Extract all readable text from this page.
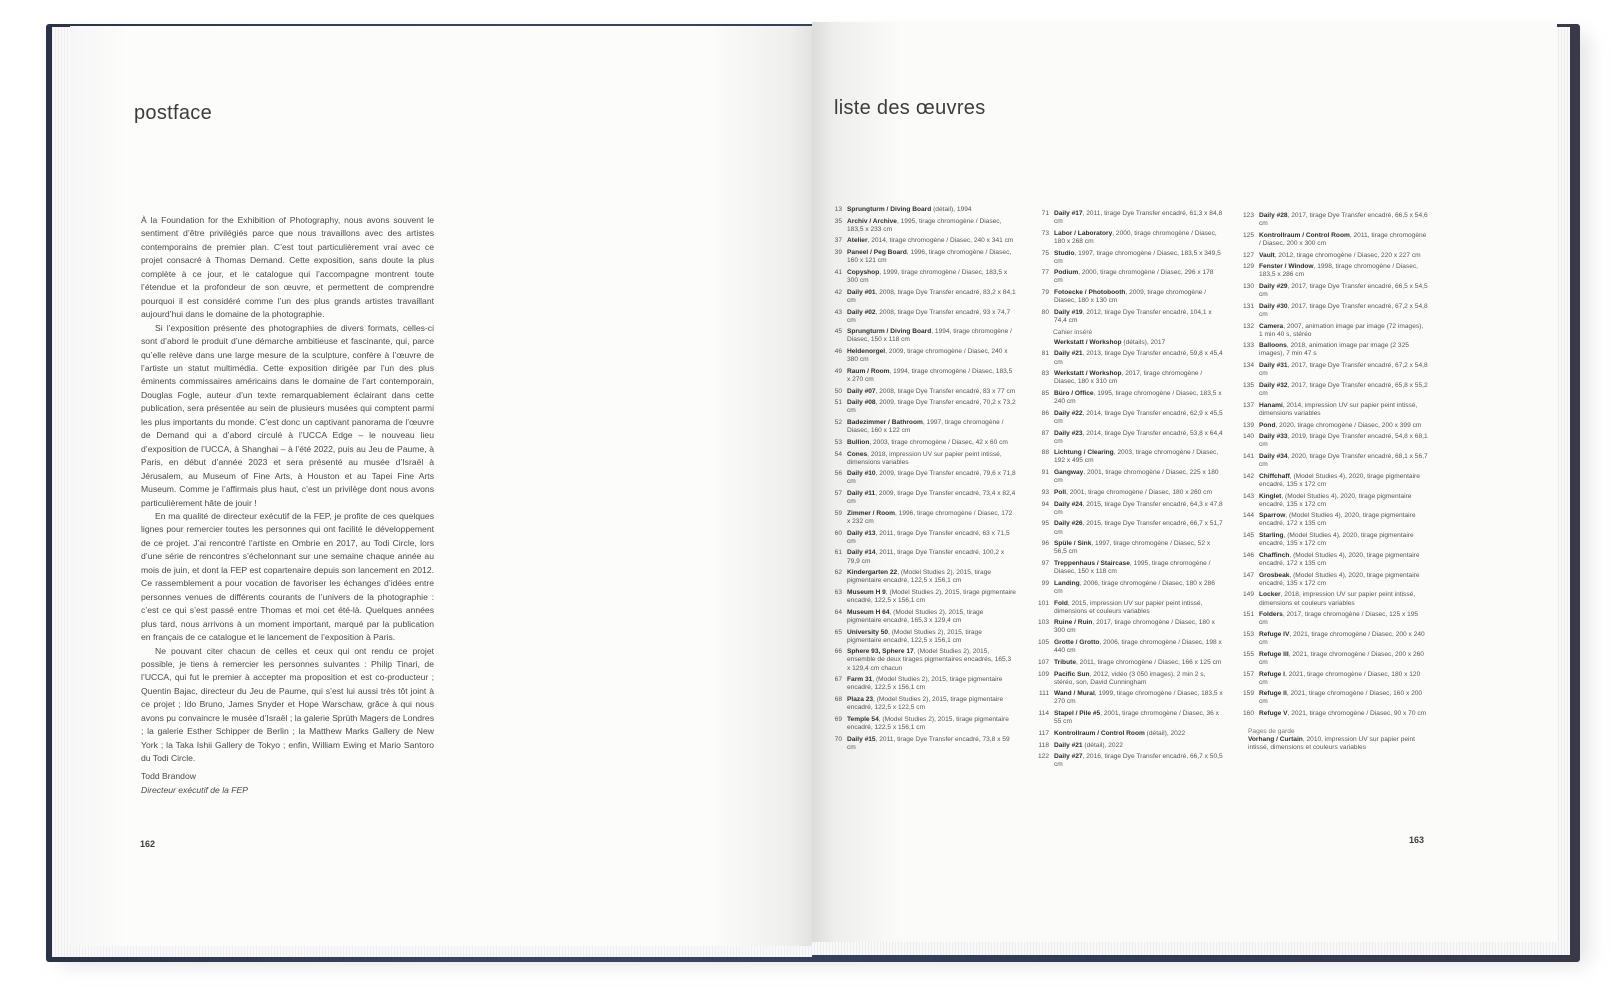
postface

À la Foundation for the Exhibition of Photography, nous avons souvent le sentiment d’être privilégiés parce que nous travaillons avec des artistes contemporains de premier plan. C’est tout particulièrement vrai avec ce projet consacré à Thomas Demand. Cette exposition, sans doute la plus complète à ce jour, et le catalogue qui l’accompagne montrent toute l’étendue et la profondeur de son œuvre, et permettent de comprendre pourquoi il est considéré comme l’un des plus grands artistes travaillant aujourd’hui dans le domaine de la photographie.

Si l’exposition présente des photographies de divers formats, celles-ci sont d’abord le produit d’une démarche ambitieuse et fascinante, qui, parce qu’elle relève dans une large mesure de la sculpture, confère à l’œuvre de l’artiste un statut multimédia. Cette exposition dirigée par l’un des plus éminents commissaires américains dans le domaine de l’art contemporain, Douglas Fogle, auteur d’un texte remarquablement éclairant dans cette publication, sera présentée au sein de plusieurs musées qui comptent parmi les plus importants du monde. C’est donc un captivant panorama de l’œuvre de Demand qui a d’abord circulé à l’UCCA Edge – le nouveau lieu d’exposition de l’UCCA, à Shanghai – à l’été 2022, puis au Jeu de Paume, à Paris, en début d’année 2023 et sera présenté au musée d’Israël à Jérusalem, au Museum of Fine Arts, à Houston et au Tapei Fine Arts Museum. Comme je l’affirmais plus haut, c’est un privilège dont nous avons particulièrement hâte de jouir !

En ma qualité de directeur exécutif de la FEP, je profite de ces quelques lignes pour remercier toutes les personnes qui ont facilité le développement de ce projet. J’ai rencontré l’artiste en Ombrie en 2017, au Todi Circle, lors d’une série de rencontres s’échelonnant sur une semaine chaque année au mois de juin, et dont la FEP est copartenaire depuis son lancement en 2012. Ce rassemblement a pour vocation de favoriser les échanges d’idées entre personnes venues de différents courants de l’univers de la photographie : c’est ce qui s’est passé entre Thomas et moi cet été-là. Quelques années plus tard, nous arrivons à un moment important, marqué par la publication en français de ce catalogue et le lancement de l’exposition à Paris.

Ne pouvant citer chacun de celles et ceux qui ont rendu ce projet possible, je tiens à remercier les personnes suivantes : Philip Tinari, de l’UCCA, qui fut le premier à accepter ma proposition et est co-producteur ; Quentin Bajac, directeur du Jeu de Paume, qui s’est lui aussi très tôt joint à ce projet ; Ido Bruno, James Snyder et Hope Warschaw, grâce à qui nous avons pu convaincre le musée d’Israël ; la galerie Sprüth Magers de Londres ; la galerie Esther Schipper de Berlin ; la Matthew Marks Gallery de New York ; la Taka Ishii Gallery de Tokyo ; enfin, William Ewing et Mario Santoro du Todi Circle.

Todd Brandow
Directeur exécutif de la FEP
162
liste des œuvres
13 Sprungturm / Diving Board (détail), 1994
35 Archiv / Archive, 1995, tirage chromogène / Diasec, 183,5 x 233 cm
37 Atelier, 2014, tirage chromogène / Diasec, 240 x 341 cm
39 Paneel / Peg Board, 1996, tirage chromogène / Diasec, 160 x 121 cm
41 Copyshop, 1999, tirage chromogène / Diasec, 183,5 x 300 cm
42 Daily #01, 2008, tirage Dye Transfer encadré, 83,2 x 84,1 cm
43 Daily #02, 2008, tirage Dye Transfer encadré, 93 x 74,7 cm
45 Sprungturm / Diving Board, 1994, tirage chromogène / Diasec, 150 x 118 cm
46 Heldenorgel, 2009, tirage chromogène / Diasec, 240 x 380 cm
49 Raum / Room, 1994, tirage chromogène / Diasec, 183,5 x 270 cm
50 Daily #07, 2008, tirage Dye Transfer encadré, 83 x 77 cm
51 Daily #08, 2009, tirage Dye Transfer encadré, 70,2 x 73,2 cm
52 Badezimmer / Bathroom, 1997, tirage chromogène / Diasec, 160 x 122 cm
53 Bullion, 2003, tirage chromogène / Diasec, 42 x 60 cm
54 Cones, 2018, impression UV sur papier peint intissé, dimensions variables
56 Daily #10, 2009, tirage Dye Transfer encadré, 79,6 x 71,8 cm
57 Daily #11, 2009, tirage Dye Transfer encadré, 73,4 x 82,4 cm
59 Zimmer / Room, 1996, tirage chromogène / Diasec, 172 x 232 cm
60 Daily #13, 2011, tirage Dye Transfer encadré, 63 x 71,5 cm
61 Daily #14, 2011, tirage Dye Transfer encadré, 100,2 x 79,9 cm
62 Kindergarten 22, (Model Studies 2), 2015, tirage pigmentaire encadré, 122,5 x 156,1 cm
63 Museum H 9, (Model Studies 2), 2015, tirage pigmentaire encadré, 122,5 x 156,1 cm
64 Museum H 64, (Model Studies 2), 2015, tirage pigmentaire encadré, 165,3 x 129,4 cm
65 University 50, (Model Studies 2), 2015, tirage pigmentaire encadré, 122,5 x 156,1 cm
66 Sphere 93, Sphere 17, (Model Studies 2), 2015, ensemble de deux tirages pigmentaires encadrés, 165,3 x 129,4 cm chacun
67 Farm 31, (Model Studies 2), 2015, tirage pigmentaire encadré, 122,5 x 156,1 cm
68 Plaza 23, (Model Studies 2), 2015, tirage pigmentaire encadré, 122,5 x 122,5 cm
69 Temple 54, (Model Studies 2), 2015, tirage pigmentaire encadré, 122,5 x 156,1 cm
70 Daily #15, 2011, tirage Dye Transfer encadré, 73,8 x 59 cm
71 Daily #17, 2011, tirage Dye Transfer encadré, 61,3 x 84,8 cm
73 Labor / Laboratory, 2000, tirage chromogène / Diasec, 180 x 268 cm
75 Studio, 1997, tirage chromogène / Diasec, 183,5 x 349,5 cm
77 Podium, 2000, tirage chromogène / Diasec, 296 x 178 cm
79 Fotoecke / Photobooth, 2009, tirage chromogène / Diasec, 180 x 130 cm
80 Daily #19, 2012, tirage Dye Transfer encadré, 104,1 x 74,4 cm
Cahier inséré
Werkstatt / Workshop (détails), 2017
81 Daily #21, 2013, tirage Dye Transfer encadré, 59,8 x 45,4 cm
83 Werkstatt / Workshop, 2017, tirage chromogène / Diasec, 180 x 310 cm
85 Büro / Office, 1995, tirage chromogène / Diasec, 183,5 x 240 cm
86 Daily #22, 2014, tirage Dye Transfer encadré, 62,9 x 45,5 cm
87 Daily #23, 2014, tirage Dye Transfer encadré, 53,8 x 64,4 cm
88 Lichtung / Clearing, 2003, tirage chromogène / Diasec, 192 x 495 cm
91 Gangway, 2001, tirage chromogène / Diasec, 225 x 180 cm
93 Poll, 2001, tirage chromogène / Diasec, 180 x 260 cm
94 Daily #24, 2015, tirage Dye Transfer encadré, 64,3 x 47,8 cm
95 Daily #26, 2015, tirage Dye Transfer encadré, 66,7 x 51,7 cm
96 Spüle / Sink, 1997, tirage chromogène / Diasec, 52 x 56,5 cm
97 Treppenhaus / Staircase, 1995, tirage chromogène / Diasec, 150 x 118 cm
99 Landing, 2006, tirage chromogène / Diasec, 180 x 286 cm
101 Fold, 2015, impression UV sur papier peint intissé, dimensions et couleurs variables
103 Ruine / Ruin, 2017, tirage chromogène / Diasec, 180 x 300 cm
105 Grotte / Grotto, 2006, tirage chromogène / Diasec, 198 x 440 cm
107 Tribute, 2011, tirage chromogène / Diasec, 166 x 125 cm
109 Pacific Sun, 2012, vidéo (3 050 images), 2 min 2 s, stéréo, son, David Cunningham
111 Wand / Mural, 1999, tirage chromogène / Diasec, 183,5 x 270 cm
114 Stapel / Pile #5, 2001, tirage chromogène / Diasec, 36 x 55 cm
117 Kontrollraum / Control Room (détail), 2022
118 Daily #21 (détail), 2022
122 Daily #27, 2016, tirage Dye Transfer encadré, 66,7 x 50,5 cm
123 Daily #28, 2017, tirage Dye Transfer encadré, 66,5 x 54,6 cm
125 Kontrollraum / Control Room, 2011, tirage chromogène / Diasec, 200 x 300 cm
127 Vault, 2012, tirage chromogène / Diasec, 220 x 227 cm
129 Fenster / Window, 1998, tirage chromogène / Diasec, 183,5 x 286 cm
130 Daily #29, 2017, tirage Dye Transfer encadré, 66,5 x 54,5 cm
131 Daily #30, 2017, tirage Dye Transfer encadré, 67,2 x 54,8 cm
132 Camera, 2007, animation image par image (72 images), 1 min 40 s, stéréo
133 Balloons, 2018, animation image par image (2 325 images), 7 min 47 s
134 Daily #31, 2017, tirage Dye Transfer encadré, 67,2 x 54,8 cm
135 Daily #32, 2017, tirage Dye Transfer encadré, 65,8 x 55,2 cm
137 Hanami, 2014, impression UV sur papier peint intissé, dimensions variables
139 Pond, 2020, tirage chromogène / Diasec, 200 x 399 cm
140 Daily #33, 2019, tirage Dye Transfer encadré, 54,8 x 68,1 cm
141 Daily #34, 2020, tirage Dye Transfer encadré, 68,1 x 56,7 cm
142 Chiffchaff, (Model Studies 4), 2020, tirage pigmentaire encadré, 135 x 172 cm
143 Kinglet, (Model Studies 4), 2020, tirage pigmentaire encadré, 135 x 172 cm
144 Sparrow, (Model Studies 4), 2020, tirage pigmentaire encadré, 172 x 135 cm
145 Starling, (Model Studies 4), 2020, tirage pigmentaire encadré, 135 x 172 cm
146 Chaffinch, (Model Studies 4), 2020, tirage pigmentaire encadré, 172 x 135 cm
147 Grosbeak, (Model Studies 4), 2020, tirage pigmentaire encadré, 135 x 172 cm
149 Locker, 2018, impression UV sur papier peint intissé, dimensions et couleurs variables
151 Folders, 2017, tirage chromogène / Diasec, 125 x 195 cm
153 Refuge IV, 2021, tirage chromogène / Diasec, 200 x 240 cm
155 Refuge III, 2021, tirage chromogène / Diasec, 200 x 260 cm
157 Refuge I, 2021, tirage chromogène / Diasec, 180 x 120 cm
159 Refuge II, 2021, tirage chromogène / Diasec, 160 x 200 cm
160 Refuge V, 2021, tirage chromogène / Diasec, 90 x 70 cm
Pages de garde
Vorhang / Curtain, 2010, impression UV sur papier peint intissé, dimensions et couleurs variables
163
